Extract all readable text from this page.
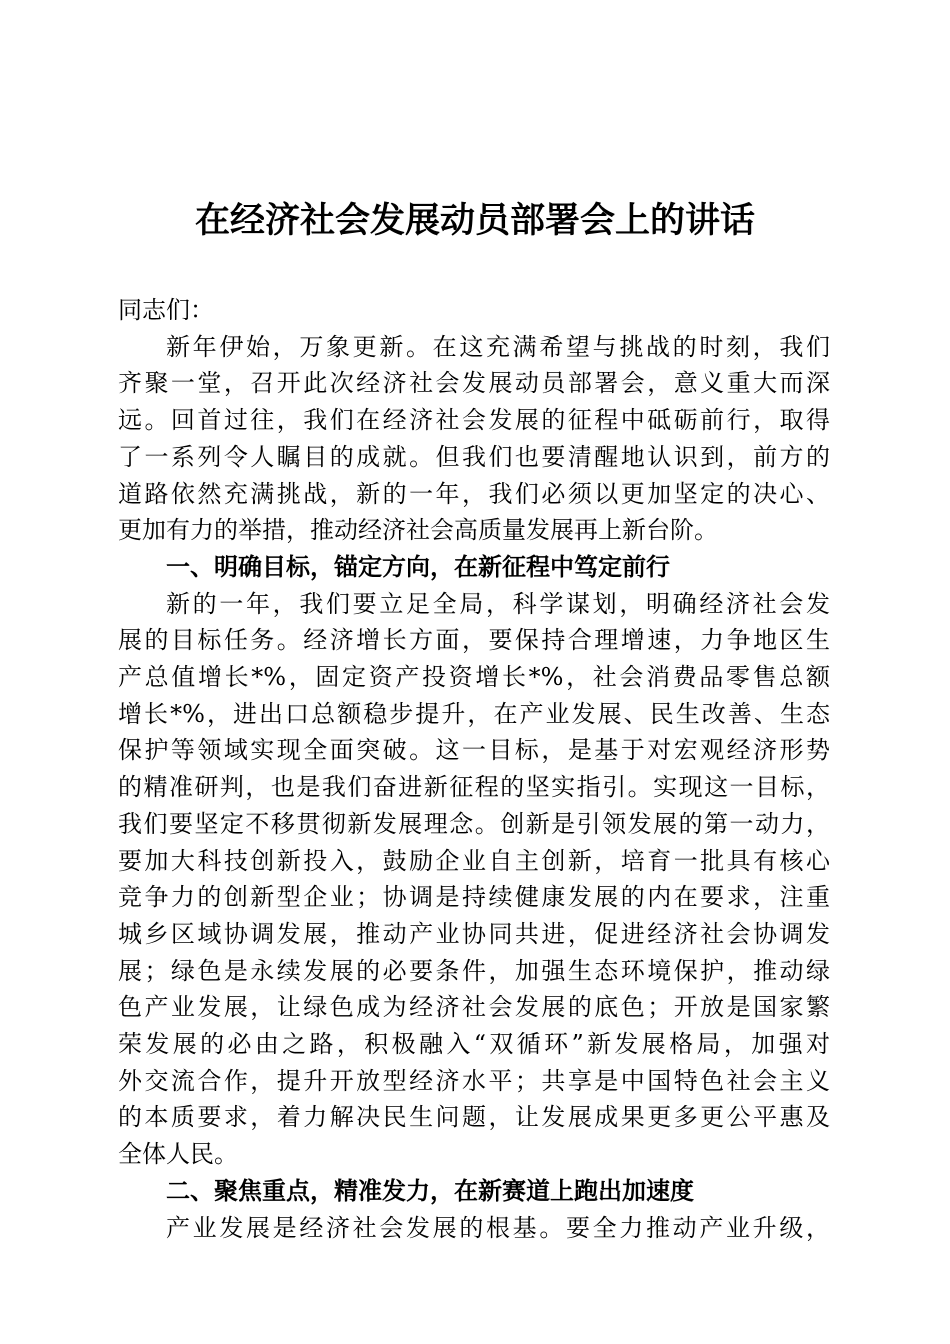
在经济社会发展动员部署会上的讲话

同志们：

新年伊始，万象更新。在这充满希望与挑战的时刻，我们
齐聚一堂，召开此次经济社会发展动员部署会，意义重大而深
远。回首过往，我们在经济社会发展的征程中砥砺前行，取得
了一系列令人瞩目的成就。但我们也要清醒地认识到，前方的
道路依然充满挑战，新的一年，我们必须以更加坚定的决心、
更加有力的举措，推动经济社会高质量发展再上新台阶。

一、明确目标，锚定方向，在新征程中笃定前行

新的一年，我们要立足全局，科学谋划，明确经济社会发
展的目标任务。经济增长方面，要保持合理增速，力争地区生
产总值增长*%，固定资产投资增长*%，社会消费品零售总额
增长*%，进出口总额稳步提升，在产业发展、民生改善、生态
保护等领域实现全面突破。这一目标，是基于对宏观经济形势
的精准研判，也是我们奋进新征程的坚实指引。实现这一目标，
我们要坚定不移贯彻新发展理念。创新是引领发展的第一动力，
要加大科技创新投入，鼓励企业自主创新，培育一批具有核心
竞争力的创新型企业；协调是持续健康发展的内在要求，注重
城乡区域协调发展，推动产业协同共进，促进经济社会协调发
展；绿色是永续发展的必要条件，加强生态环境保护，推动绿
色产业发展，让绿色成为经济社会发展的底色；开放是国家繁
荣发展的必由之路，积极融入“双循环”新发展格局，加强对
外交流合作，提升开放型经济水平；共享是中国特色社会主义
的本质要求，着力解决民生问题，让发展成果更多更公平惠及
全体人民。

二、聚焦重点，精准发力，在新赛道上跑出加速度

产业发展是经济社会发展的根基。要全力推动产业升级，
